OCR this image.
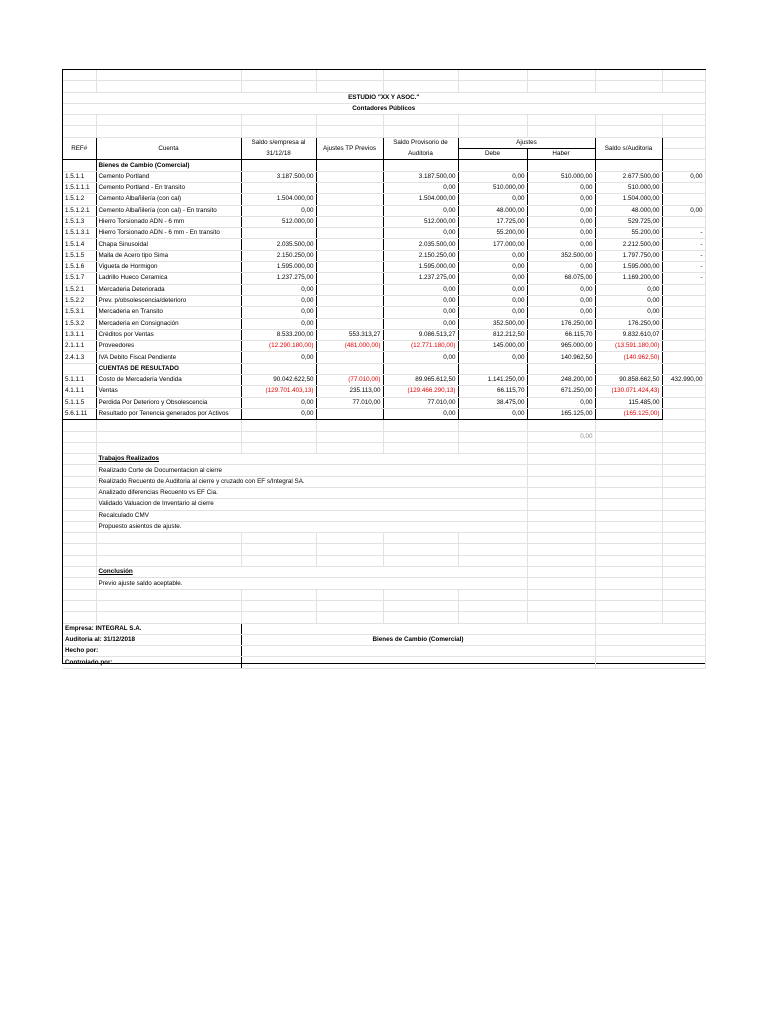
ESTUDIO "XX Y ASOC."								
Contadores Públicos								

REF#	Cuenta	Saldo s/empresa al	Ajustes TP Previos	Saldo Provisorio de	Ajustes		Saldo s/Auditoria	
		31/12/18		Auditoria	Debe	Haber		
	Bienes de Cambio (Comercial)							
1.5.1.1	Cemento Portland	3.187.500,00		3.187.500,00	0,00	510.000,00	2.677.500,00	0,00
1.5.1.1.1	Cemento Portland - En transito			0,00	510.000,00	0,00	510.000,00	
1.5.1.2	Cemento Albañilería (con cal)	1.504.000,00		1.504.000,00	0,00	0,00	1.504.000,00	
1.5.1.2.1	Cemento Albañilería (con cal) - En transito	0,00		0,00	48.000,00	0,00	48.000,00	0,00
1.5.1.3	Hierro Torsionado ADN - 6 mm	512.000,00		512.000,00	17.725,00	0,00	529.725,00	
1.5.1.3.1	Hierro Torsionado ADN - 6 mm - En transito			0,00	55.200,00	0,00	55.200,00	-
1.5.1.4	Chapa Sinusoidal	2.035.500,00		2.035.500,00	177.000,00	0,00	2.212.500,00	-
1.5.1.5	Malla de Acero tipo Sima	2.150.250,00		2.150.250,00	0,00	352.500,00	1.797.750,00	-
1.5.1.6	Vigueta de Hormigon	1.595.000,00		1.595.000,00	0,00	0,00	1.595.000,00	-
1.5.1.7	Ladrillo Hueco Ceramica	1.237.275,00		1.237.275,00	0,00	68.075,00	1.169.200,00	-
1.5.2.1	Mercaderia Deteriorada	0,00		0,00	0,00	0,00	0,00	
1.5.2.2	Prev. p/obsolescencia/deterioro	0,00		0,00	0,00	0,00	0,00	
1.5.3.1	Mercaderia en Transito	0,00		0,00	0,00	0,00	0,00	
1.5.3.2	Mercaderia en Consignación	0,00		0,00	352.500,00	176.250,00	176.250,00	
1.3.1.1	Créditos por Ventas	8.533.200,00	553.313,27	9.086.513,27	812.212,50	66.115,70	9.832.610,07	
2.1.1.1	Proveedores	(12.290.180,00)	(481.000,00)	(12.771.180,00)	145.000,00	965.000,00	(13.591.180,00)	
2.4.1.3	IVA Debito Fiscal Pendiente	0,00		0,00	0,00	140.962,50	(140.962,50)	
	CUENTAS DE RESULTADO							
5.1.1.1	Costo de Mercadería Vendida	90.042.622,50	(77.010,00)	89.965.612,50	1.141.250,00	248.200,00	90.858.662,50	432.990,00
4.1.1.1	Ventas	(129.701.403,13)	235.113,00	(129.466.290,13)	66.115,70	671.250,00	(130.071.424,43)	
5.1.1.5	Perdida Por Deterioro y Obsolescencia	0,00	77.010,00	77.010,00	38.475,00	0,00	115.485,00	
5.6.1.11	Resultado por Tenencia generados por Activos	0,00		0,00	0,00	165.125,00	(165.125,00)	

						0,00		

	Trabajos Realizados							
	Realizado Corte de Documentacion al cierre							
	Realizado Recuento de Auditoria al cierre y cruzado con EF s/Integral SA.							
	Analizado diferencias Recuento vs EF Cia.							
	Validado Valuacion de Inventario al cierre							
	Recalculado CMV							
	Propuesto asientos de ajuste.							

	Conclusión							
	Previo ajuste saldo aceptable.							

Empresa: INTEGRAL S.A.								
Auditoria al: 31/12/2018		Bienes de Cambio (Comercial)						
Hecho por:								
Controlado por:								
